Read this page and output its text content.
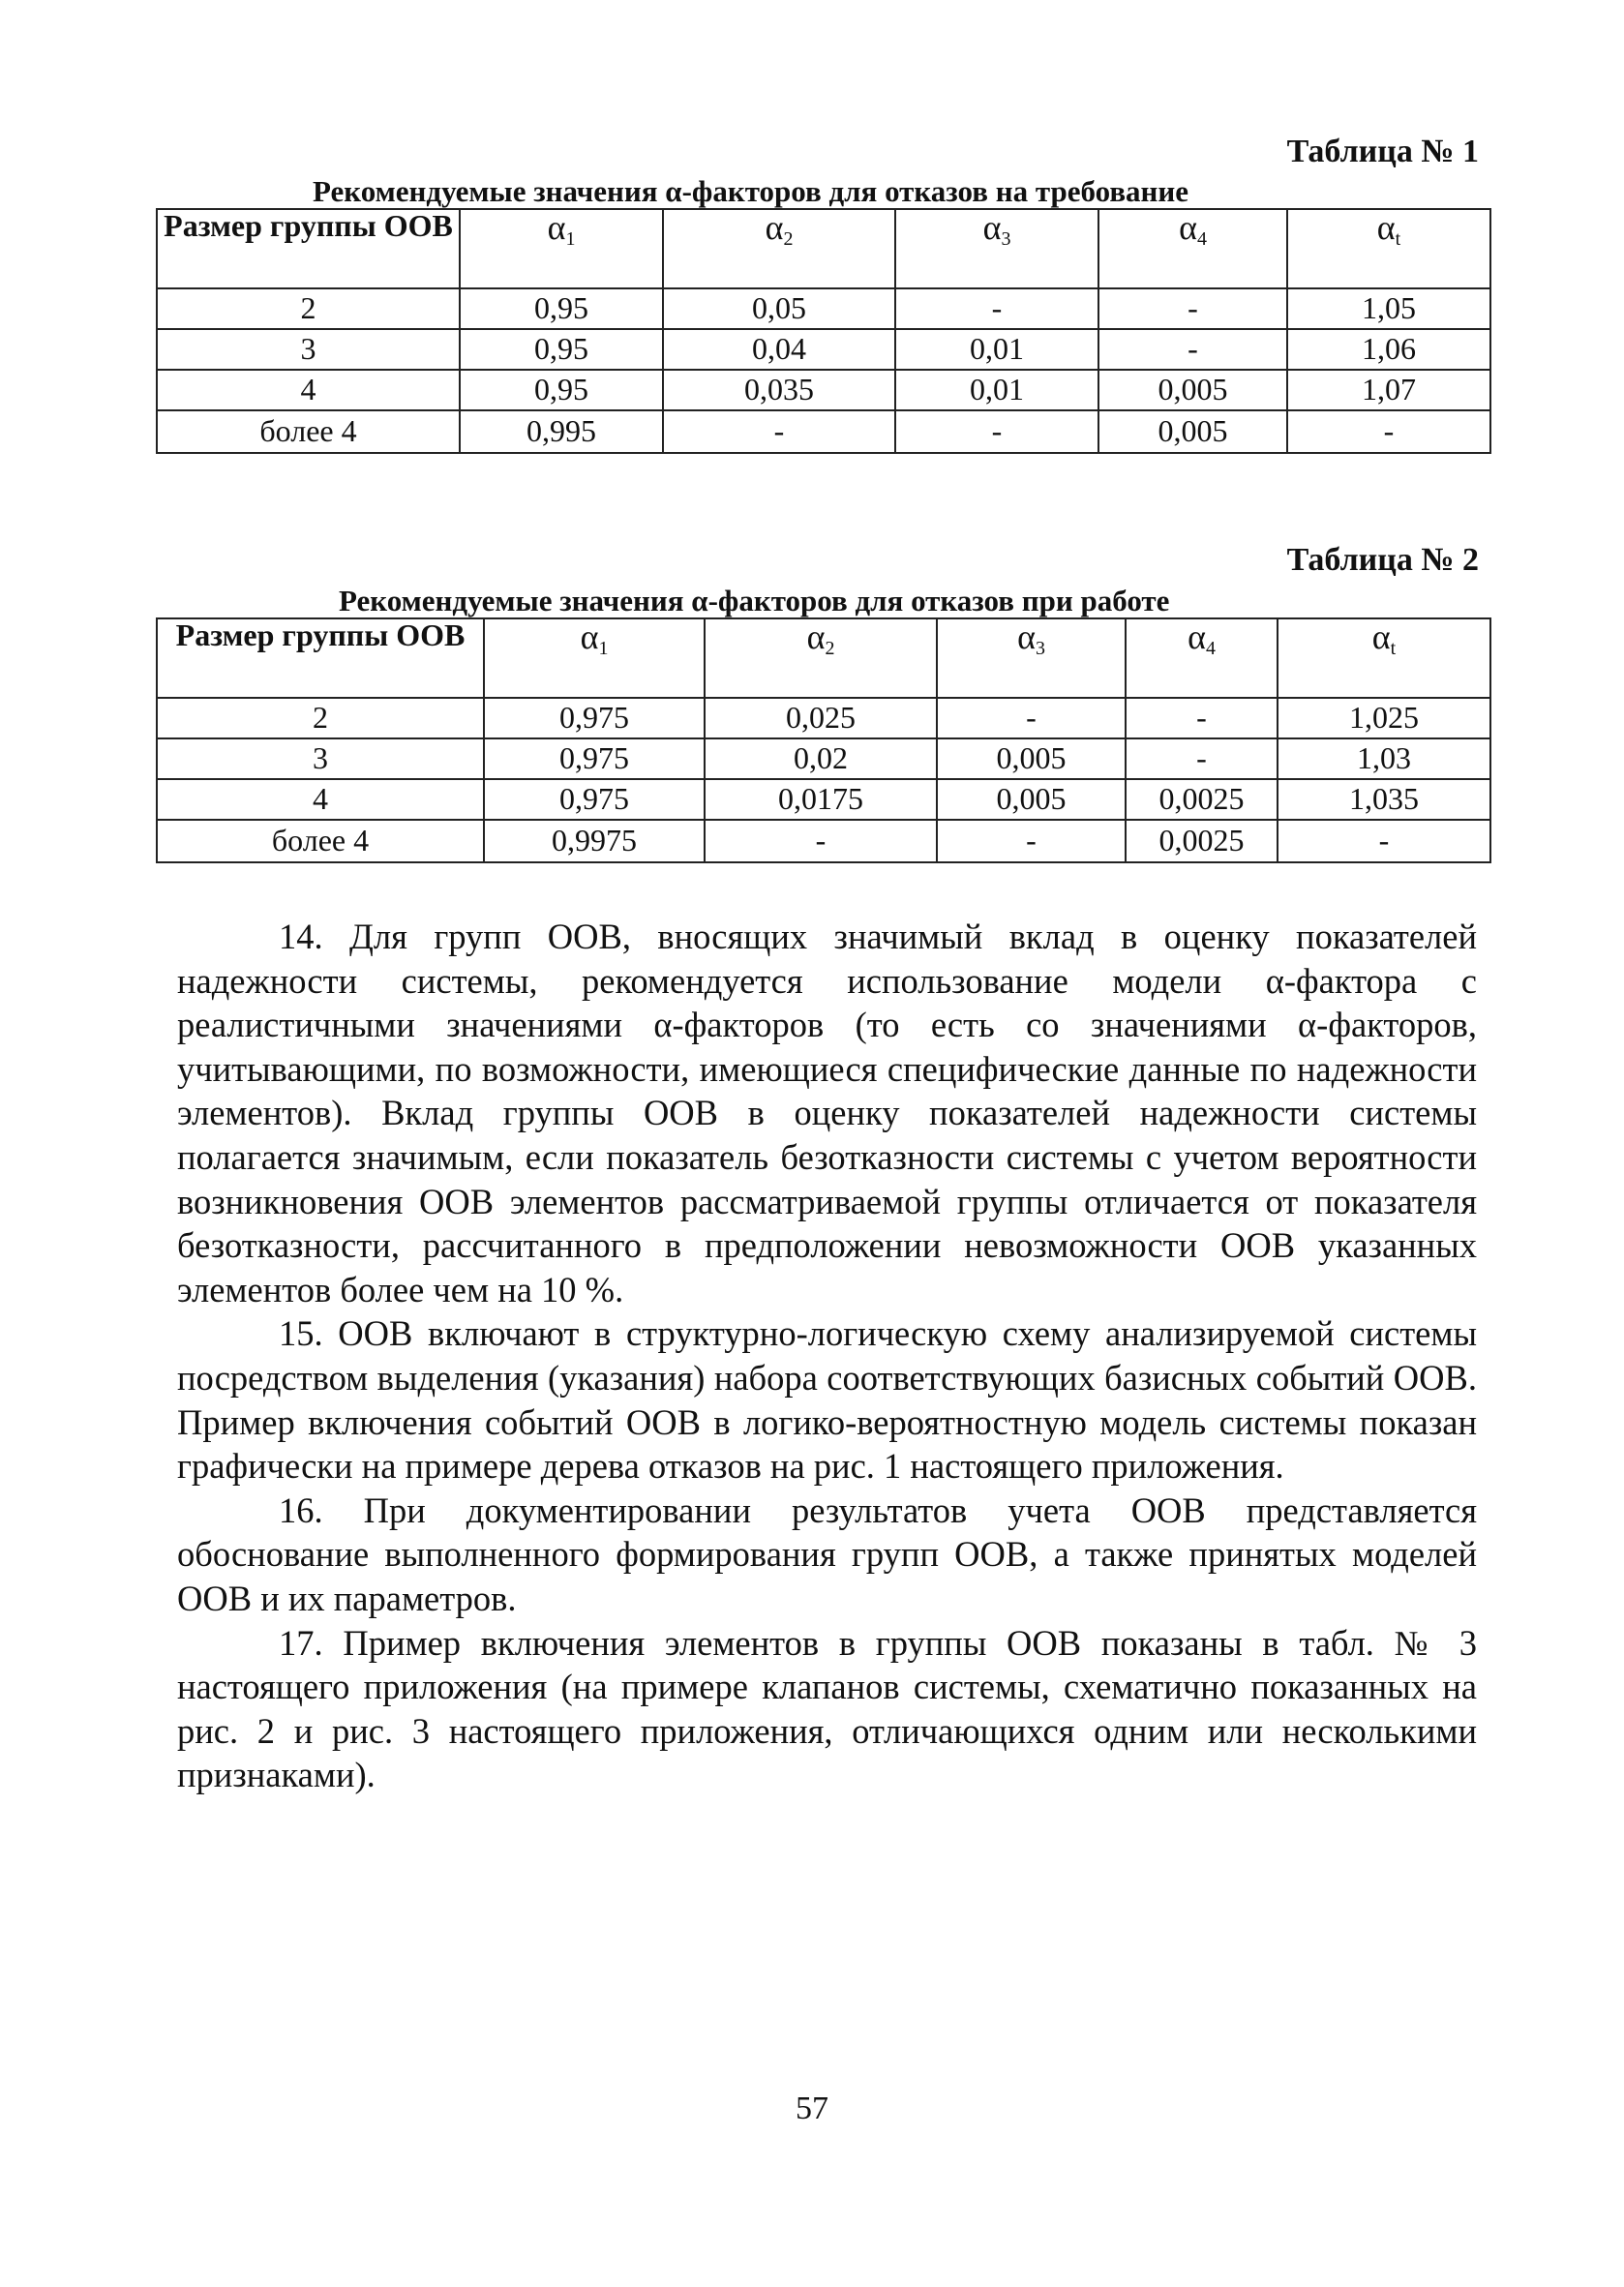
Таблица № 1
Рекомендуемые значения α-факторов для отказов на требование
Размер группы ООВ	$\alpha_1$	$\alpha_2$	$\alpha_3$	$\alpha_4$	$\alpha_t$
2	0,95	0,05	-	-	1,05
3	0,95	0,04	0,01	-	1,06
4	0,95	0,035	0,01	0,005	1,07
более 4	0,995	-	-	0,005	-
Таблица № 2
Рекомендуемые значения α-факторов для отказов при работе
Размер группы ООВ	$\alpha_1$	$\alpha_2$	$\alpha_3$	$\alpha_4$	$\alpha_t$
2	0,975	0,025	-	-	1,025
3	0,975	0,02	0,005	-	1,03
4	0,975	0,0175	0,005	0,0025	1,035
более 4	0,9975	-	-	0,0025	-

14. Для групп ООВ, вносящих значимый вклад в оценку показателей надежности системы, рекомендуется использование модели α-фактора с реалистичными значениями α-факторов (то есть со значениями α-факторов, учитывающими, по возможности, имеющиеся специфические данные по надежности элементов). Вклад группы ООВ в оценку показателей надежности системы полагается значимым, если показатель безотказности системы с учетом вероятности возникновения ООВ элементов рассматриваемой группы отличается от показателя безотказности, рассчитанного в предположении невозможности ООВ указанных элементов более чем на 10 %.

15. ООВ включают в структурно-логическую схему анализируемой системы посредством выделения (указания) набора соответствующих базисных событий ООВ. Пример включения событий ООВ в логико-вероятностную модель системы показан графически на примере дерева отказов на рис. 1 настоящего приложения.

16. При документировании результатов учета ООВ представляется обоснование выполненного формирования групп ООВ, а также принятых моделей ООВ и их параметров.

17. Пример включения элементов в группы ООВ показаны в табл. № 3 настоящего приложения (на примере клапанов системы, схематично показанных на рис. 2 и рис. 3 настоящего приложения, отличающихся одним или несколькими признаками).

57
